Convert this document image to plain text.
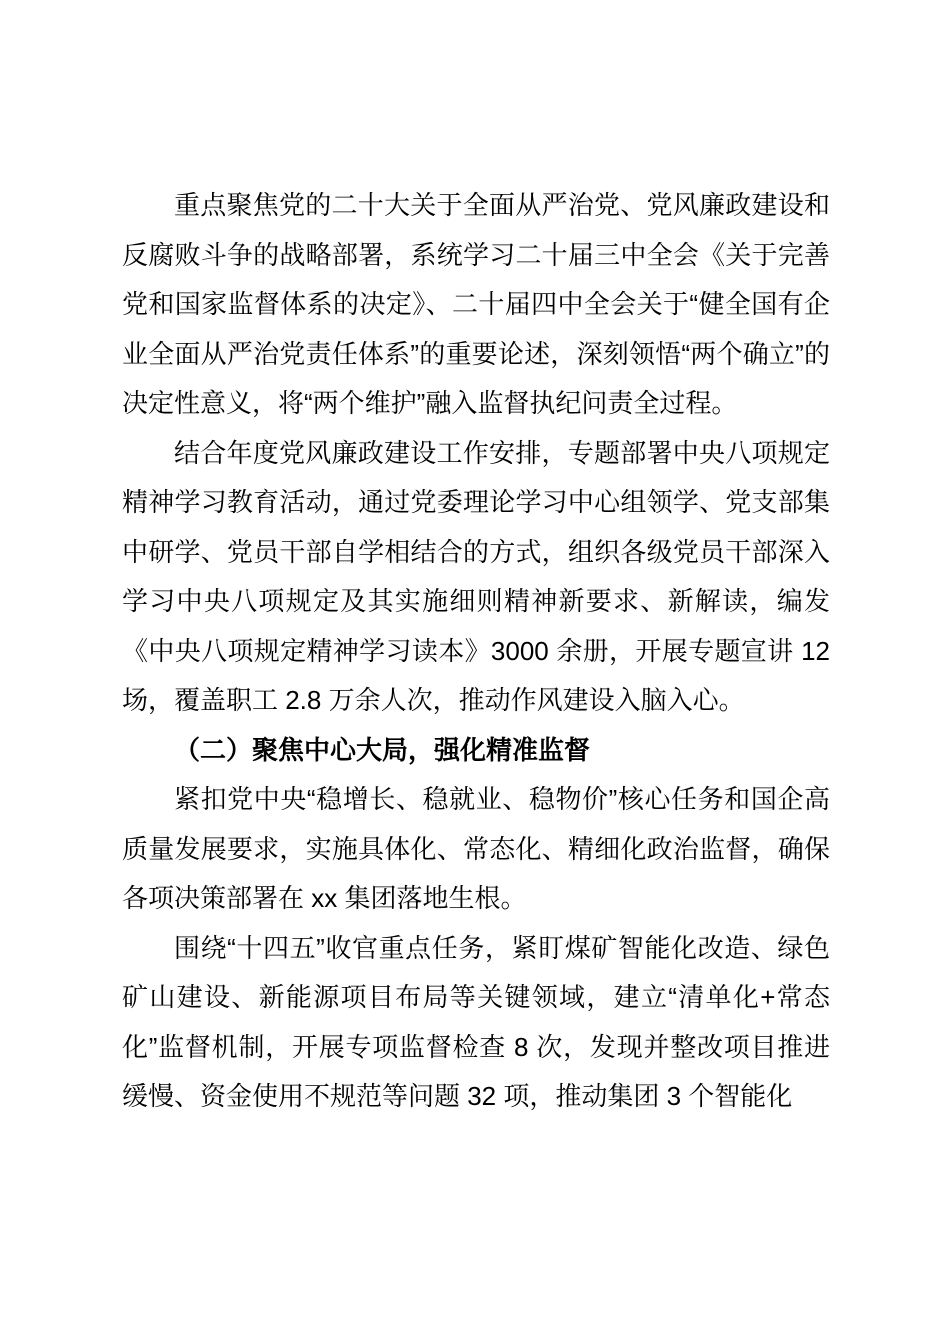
重点聚焦党的二十大关于全面从严治党、党风廉政建设和反腐败斗争的战略部署，系统学习二十届三中全会《关于完善党和国家监督体系的决定》、二十届四中全会关于“健全国有企业全面从严治党责任体系”的重要论述，深刻领悟“两个确立”的决定性意义，将“两个维护”融入监督执纪问责全过程。

结合年度党风廉政建设工作安排，专题部署中央八项规定精神学习教育活动，通过党委理论学习中心组领学、党支部集中研学、党员干部自学相结合的方式，组织各级党员干部深入学习中央八项规定及其实施细则精神新要求、新解读，编发《中央八项规定精神学习读本》3000 余册，开展专题宣讲 12 场，覆盖职工 2.8 万余人次，推动作风建设入脑入心。

（二）聚焦中心大局，强化精准监督

紧扣党中央“稳增长、稳就业、稳物价”核心任务和国企高质量发展要求，实施具体化、常态化、精细化政治监督，确保各项决策部署在 xx 集团落地生根。

围绕“十四五”收官重点任务，紧盯煤矿智能化改造、绿色矿山建设、新能源项目布局等关键领域，建立“清单化+常态化”监督机制，开展专项监督检查 8 次，发现并整改项目推进缓慢、资金使用不规范等问题 32 项，推动集团 3 个智能化
